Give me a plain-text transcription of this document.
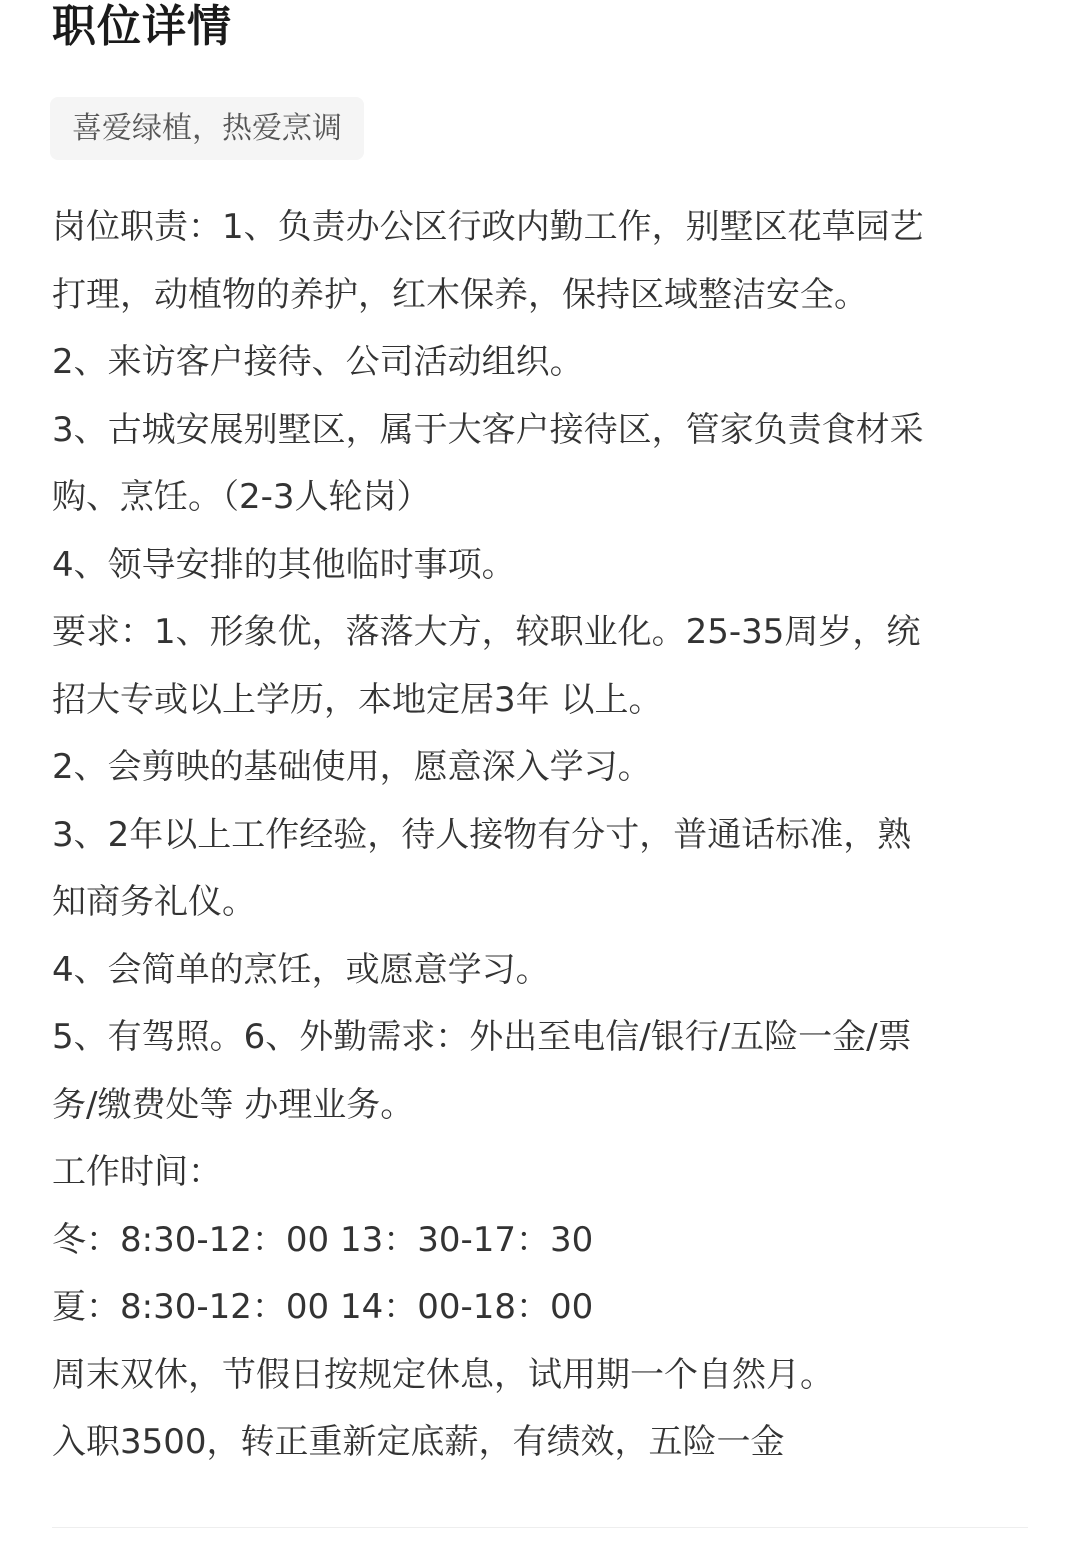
职位详情
喜爱绿植，热爱烹调
岗位职责：1、负责办公区行政内勤工作，别墅区花草园艺
打理，动植物的养护，红木保养，保持区域整洁安全。
2、来访客户接待、公司活动组织。
3、古城安展别墅区，属于大客户接待区，管家负责食材采
购、烹饪。（2-3人轮岗）
4、领导安排的其他临时事项。
要求：1、形象优，落落大方，较职业化。25-35周岁，统
招大专或以上学历，本地定居3年 以上。
2、会剪映的基础使用，愿意深入学习。
3、2年以上工作经验，待人接物有分寸，普通话标准，熟
知商务礼仪。
4、会简单的烹饪，或愿意学习。
5、有驾照。6、外勤需求：外出至电信/银行/五险一金/票
务/缴费处等 办理业务。
工作时间：
冬：8:30-12：00 13：30-17：30
夏：8:30-12：00 14：00-18：00
周末双休，节假日按规定休息，试用期一个自然月。
入职3500，转正重新定底薪，有绩效，五险一金
